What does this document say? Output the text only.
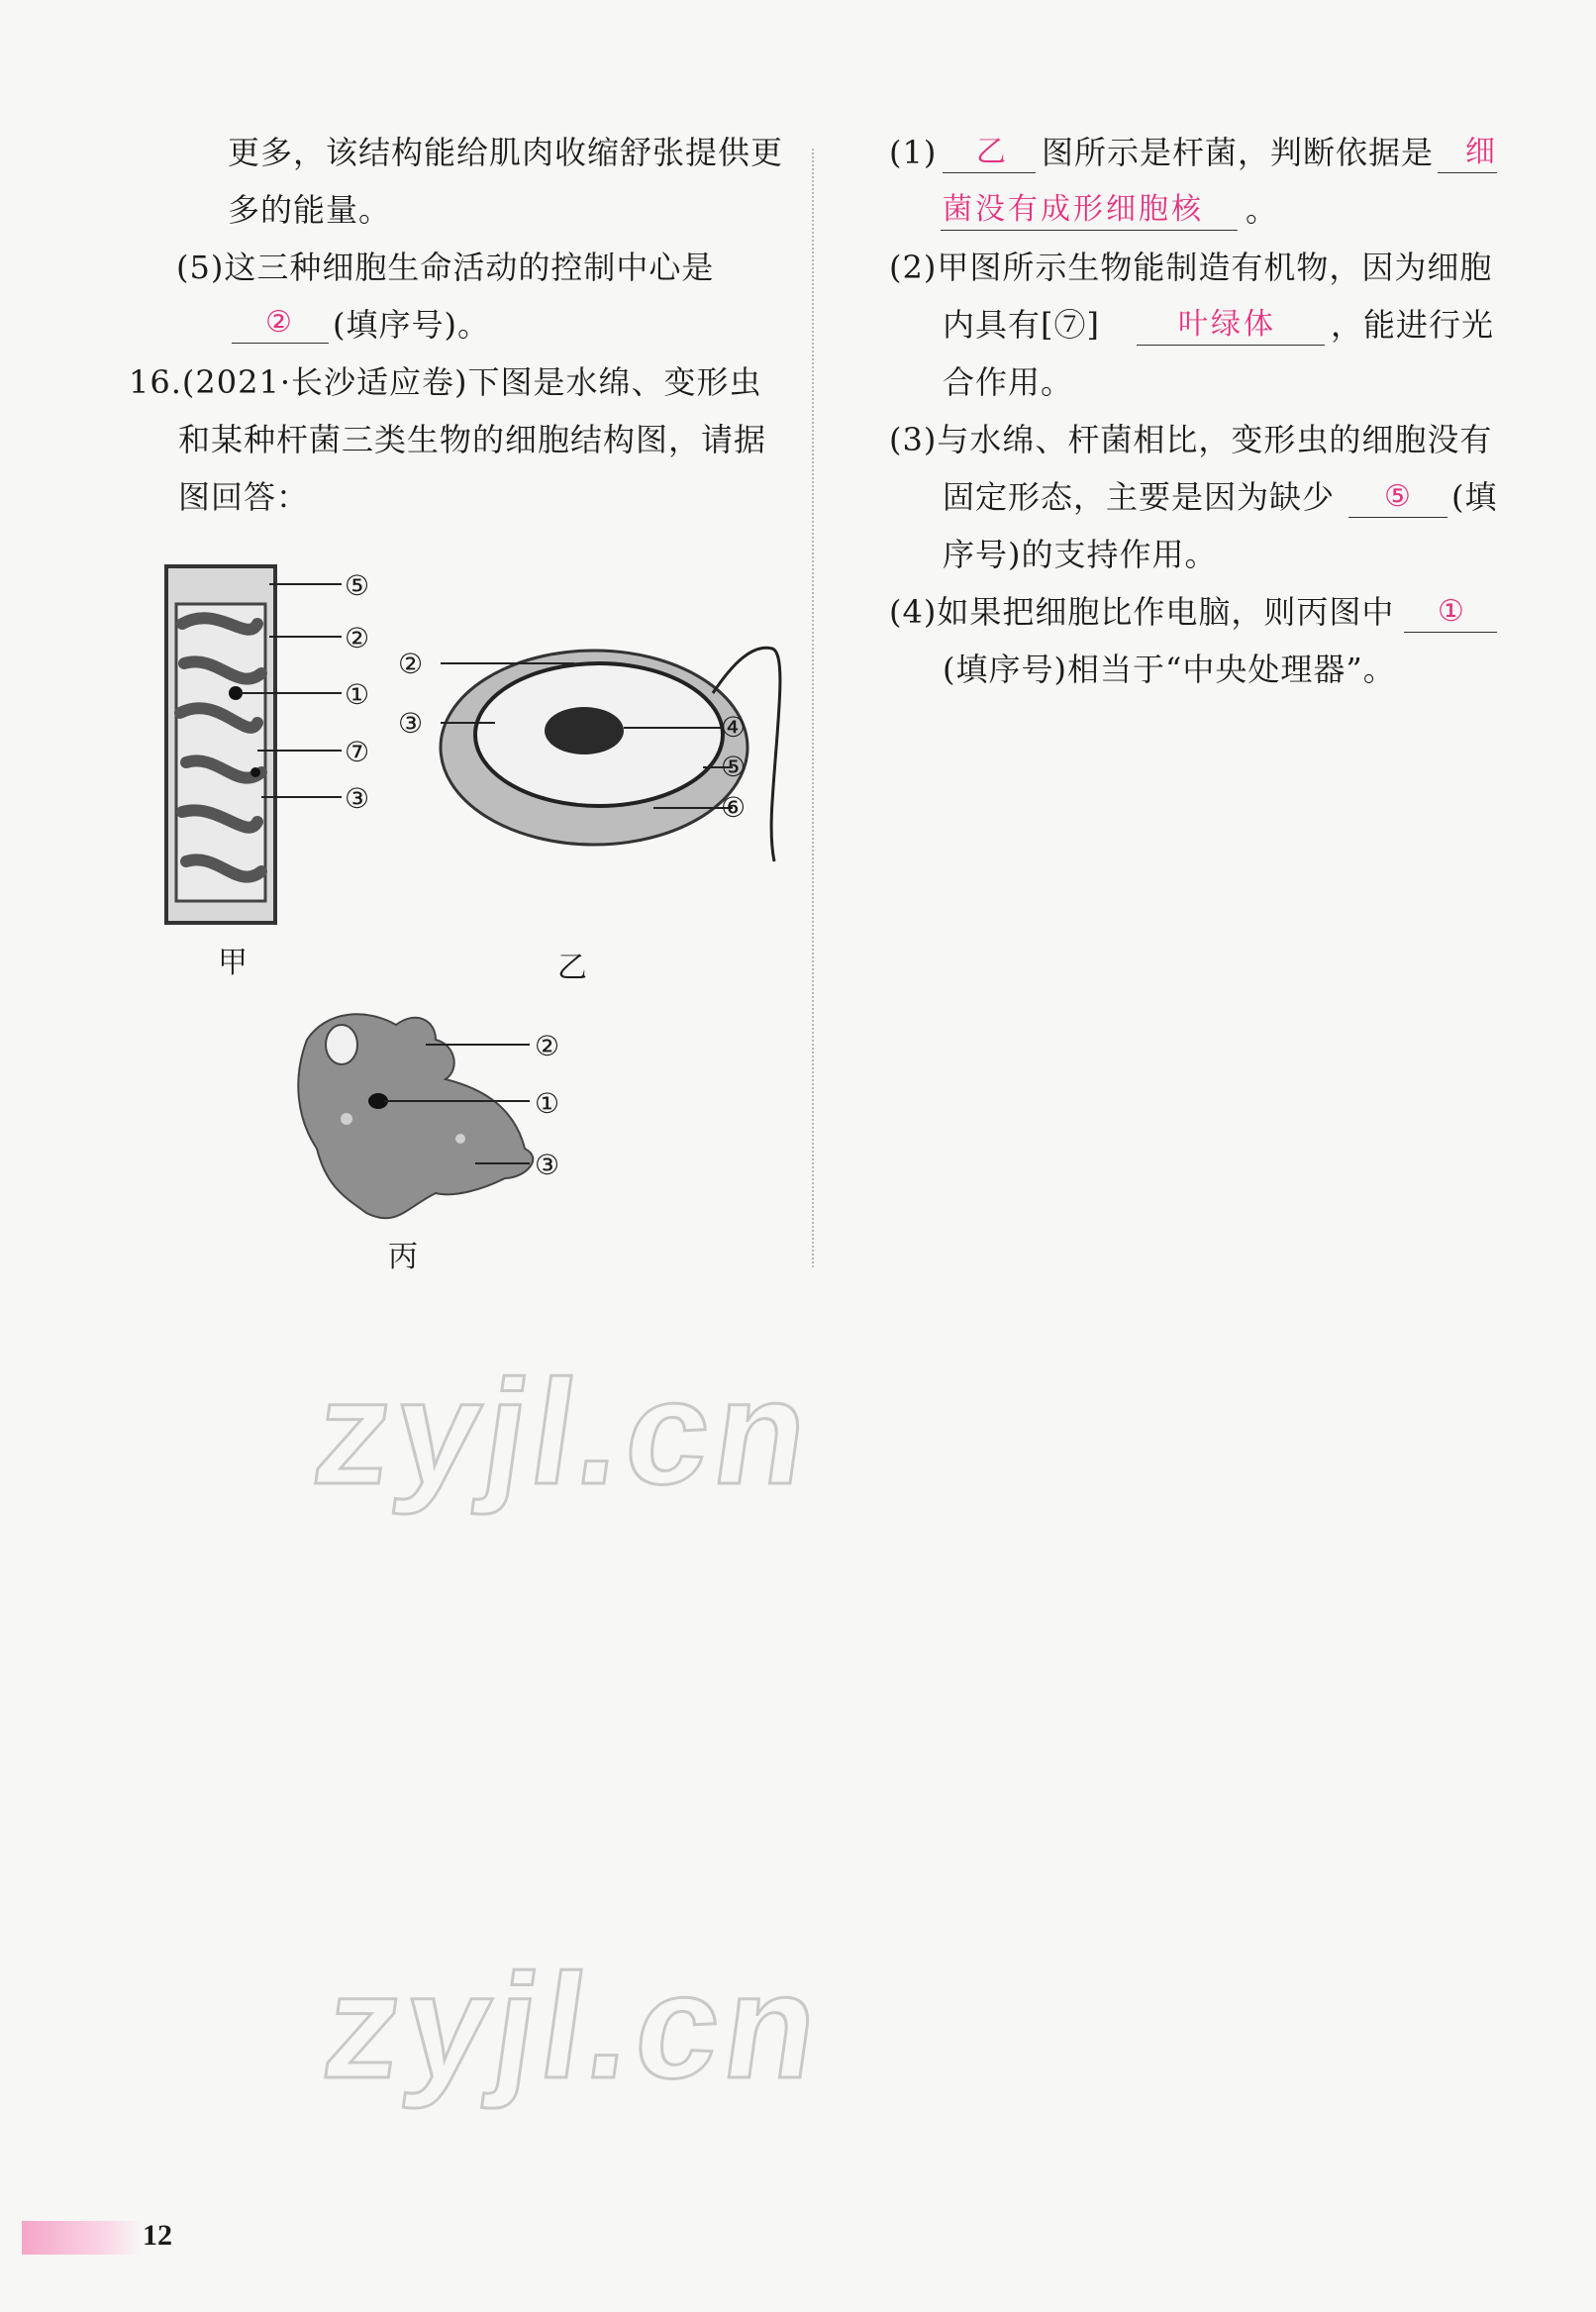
更多，该结构能给肌肉收缩舒张提供更
多的能量。
(5)这三种细胞生命活动的控制中心是
② (填序号)。
16.(2021·长沙适应卷)下图是水绵、变形虫
和某种杆菌三类生物的细胞结构图，请据
图回答：
⑤
②
①
⑦
③
甲
②
③	④
⑤
⑥
乙
②
①
③
丙
(1) 乙 图所示是杆菌，判断依据是 细
菌没有成形细胞核 。
(2)甲图所示生物能制造有机物，因为细胞
内具有[⑦]	叶绿体 ，能进行光
合作用。
(3)与水绵、杆菌相比，变形虫的细胞没有
固定形态，主要是因为缺少 ⑤ (填
序号)的支持作用。
(4)如果把细胞比作电脑，则丙图中 ①
(填序号)相当于“中央处理器”。
zyjl.cn
zyjl.cn
12
